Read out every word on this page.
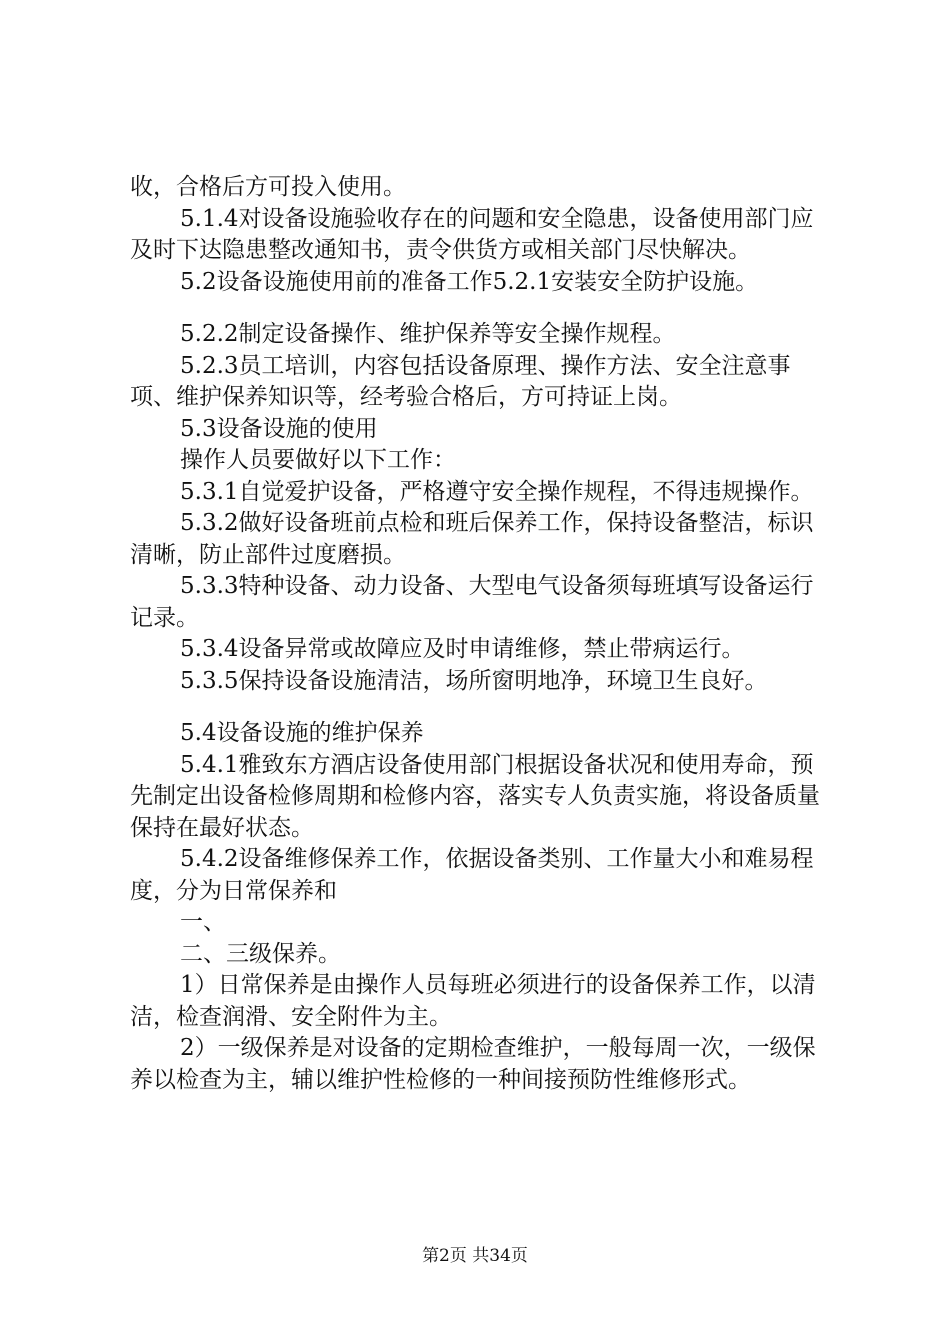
收，合格后方可投入使用。

5.1.4对设备设施验收存在的问题和安全隐患，设备使用部门应及时下达隐患整改通知书，责令供货方或相关部门尽快解决。

5.2设备设施使用前的准备工作5.2.1安装安全防护设施。

5.2.2制定设备操作、维护保养等安全操作规程。

5.2.3员工培训，内容包括设备原理、操作方法、安全注意事项、维护保养知识等，经考验合格后，方可持证上岗。

5.3设备设施的使用

操作人员要做好以下工作：

5.3.1自觉爱护设备，严格遵守安全操作规程，不得违规操作。

5.3.2做好设备班前点检和班后保养工作，保持设备整洁，标识清晰，防止部件过度磨损。

5.3.3特种设备、动力设备、大型电气设备须每班填写设备运行记录。

5.3.4设备异常或故障应及时申请维修，禁止带病运行。

5.3.5保持设备设施清洁，场所窗明地净，环境卫生良好。

5.4设备设施的维护保养

5.4.1雅致东方酒店设备使用部门根据设备状况和使用寿命，预先制定出设备检修周期和检修内容，落实专人负责实施，将设备质量保持在最好状态。

5.4.2设备维修保养工作，依据设备类别、工作量大小和难易程度，分为日常保养和

一、

二、三级保养。

1）日常保养是由操作人员每班必须进行的设备保养工作，以清洁，检查润滑、安全附件为主。

2）一级保养是对设备的定期检查维护，一般每周一次，一级保养以检查为主，辅以维护性检修的一种间接预防性维修形式。

第2页 共34页
